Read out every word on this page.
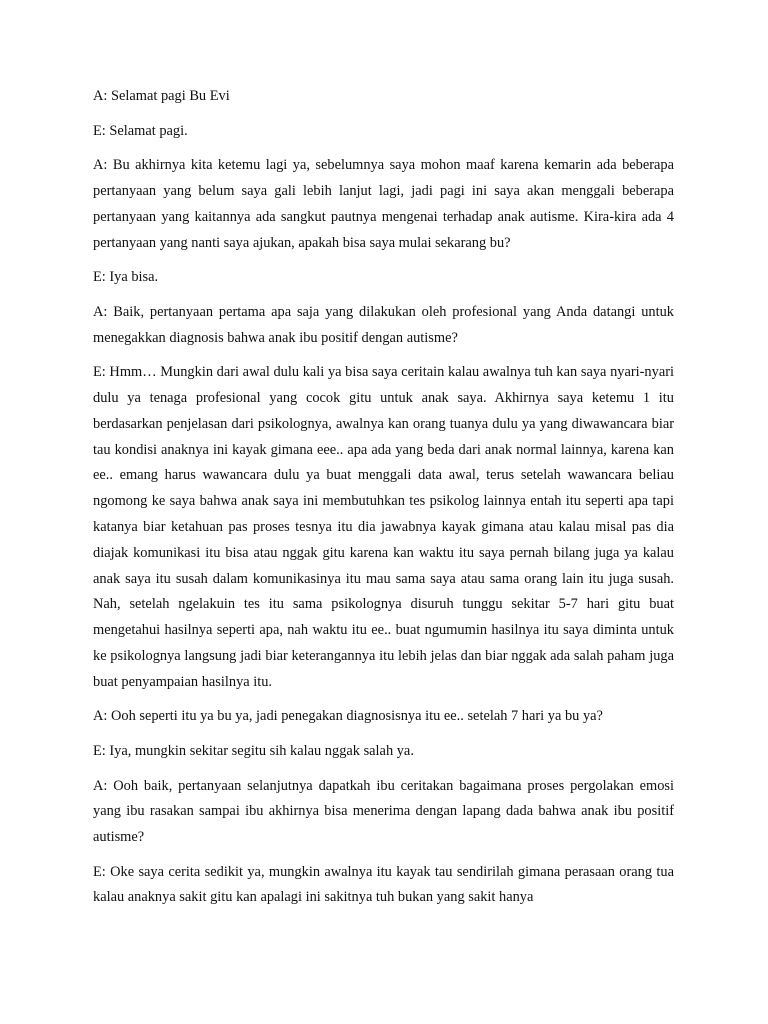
A: Selamat pagi Bu Evi

E: Selamat pagi.

A: Bu akhirnya kita ketemu lagi ya, sebelumnya saya mohon maaf karena kemarin ada beberapa pertanyaan yang belum saya gali lebih lanjut lagi, jadi pagi ini saya akan menggali beberapa pertanyaan yang kaitannya ada sangkut pautnya mengenai terhadap anak autisme. Kira-kira ada 4 pertanyaan yang nanti saya ajukan, apakah bisa saya mulai sekarang bu?

E: Iya bisa.

A: Baik, pertanyaan pertama apa saja yang dilakukan oleh profesional yang Anda datangi untuk menegakkan diagnosis bahwa anak ibu positif dengan autisme?

E: Hmm… Mungkin dari awal dulu kali ya bisa saya ceritain kalau awalnya tuh kan saya nyari-nyari dulu ya tenaga profesional yang cocok gitu untuk anak saya. Akhirnya saya ketemu 1 itu berdasarkan penjelasan dari psikolognya, awalnya kan orang tuanya dulu ya yang diwawancara biar tau kondisi anaknya ini kayak gimana eee.. apa ada yang beda dari anak normal lainnya, karena kan ee.. emang harus wawancara dulu ya buat menggali data awal, terus setelah wawancara beliau ngomong ke saya bahwa anak saya ini membutuhkan tes psikolog lainnya entah itu seperti apa tapi katanya biar ketahuan pas proses tesnya itu dia jawabnya kayak gimana atau kalau misal pas dia diajak komunikasi itu bisa atau nggak gitu karena kan waktu itu saya pernah bilang juga ya kalau anak saya itu susah dalam komunikasinya itu mau sama saya atau sama orang lain itu juga susah. Nah, setelah ngelakuin tes itu sama psikolognya disuruh tunggu sekitar 5-7 hari gitu buat mengetahui hasilnya seperti apa, nah waktu itu ee.. buat ngumumin hasilnya itu saya diminta untuk ke psikolognya langsung jadi biar keterangannya itu lebih jelas dan biar nggak ada salah paham juga buat penyampaian hasilnya itu.

A: Ooh seperti itu ya bu ya, jadi penegakan diagnosisnya itu ee.. setelah 7 hari ya bu ya?

E: Iya, mungkin sekitar segitu sih kalau nggak salah ya.

A: Ooh baik, pertanyaan selanjutnya dapatkah ibu ceritakan bagaimana proses pergolakan emosi yang ibu rasakan sampai ibu akhirnya bisa menerima dengan lapang dada bahwa anak ibu positif autisme?

E: Oke saya cerita sedikit ya, mungkin awalnya itu kayak tau sendirilah gimana perasaan orang tua kalau anaknya sakit gitu kan apalagi ini sakitnya tuh bukan yang sakit hanya
